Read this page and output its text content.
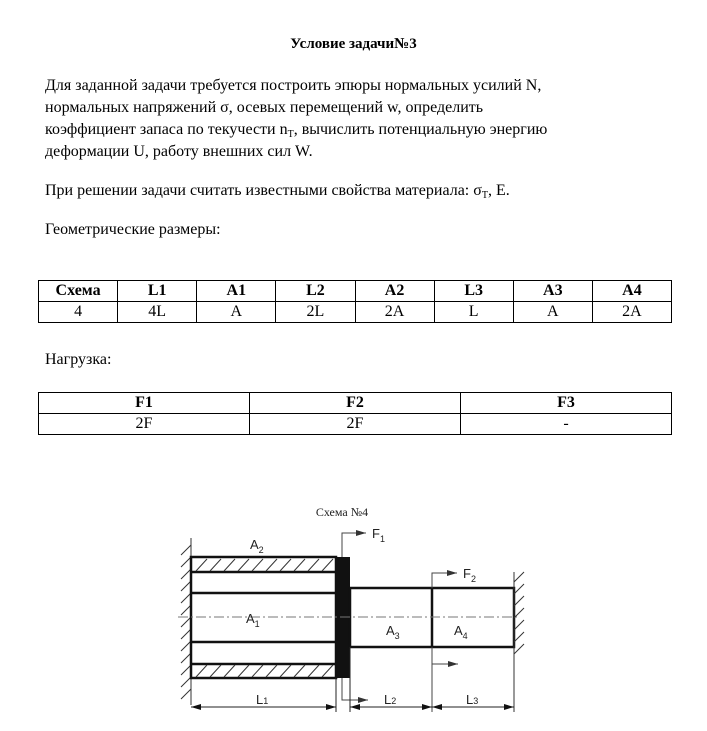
Условие задачи№3

Для заданной задачи требуется построить эпюры нормальных усилий N,
нормальных напряжений σ, осевых перемещений w, определить
коэффициент запаса по текучести $n_T$, вычислить потенциальную энергию
деформации U, работу внешних сил W.

При решении задачи считать известными свойства материала: $\sigma_T$, E.

Геометрические размеры:

Схема	L1	A1	L2	A2	L3	A3	A4
4	4L	A	2L	2A	L	A	2A

Нагрузка:

F1	F2	F3
2F	2F	-
Схема №4
$A_2$
$A_1$	$A_3$	$A_4$
$F_1$
$F_2$
L1	L2	L3
